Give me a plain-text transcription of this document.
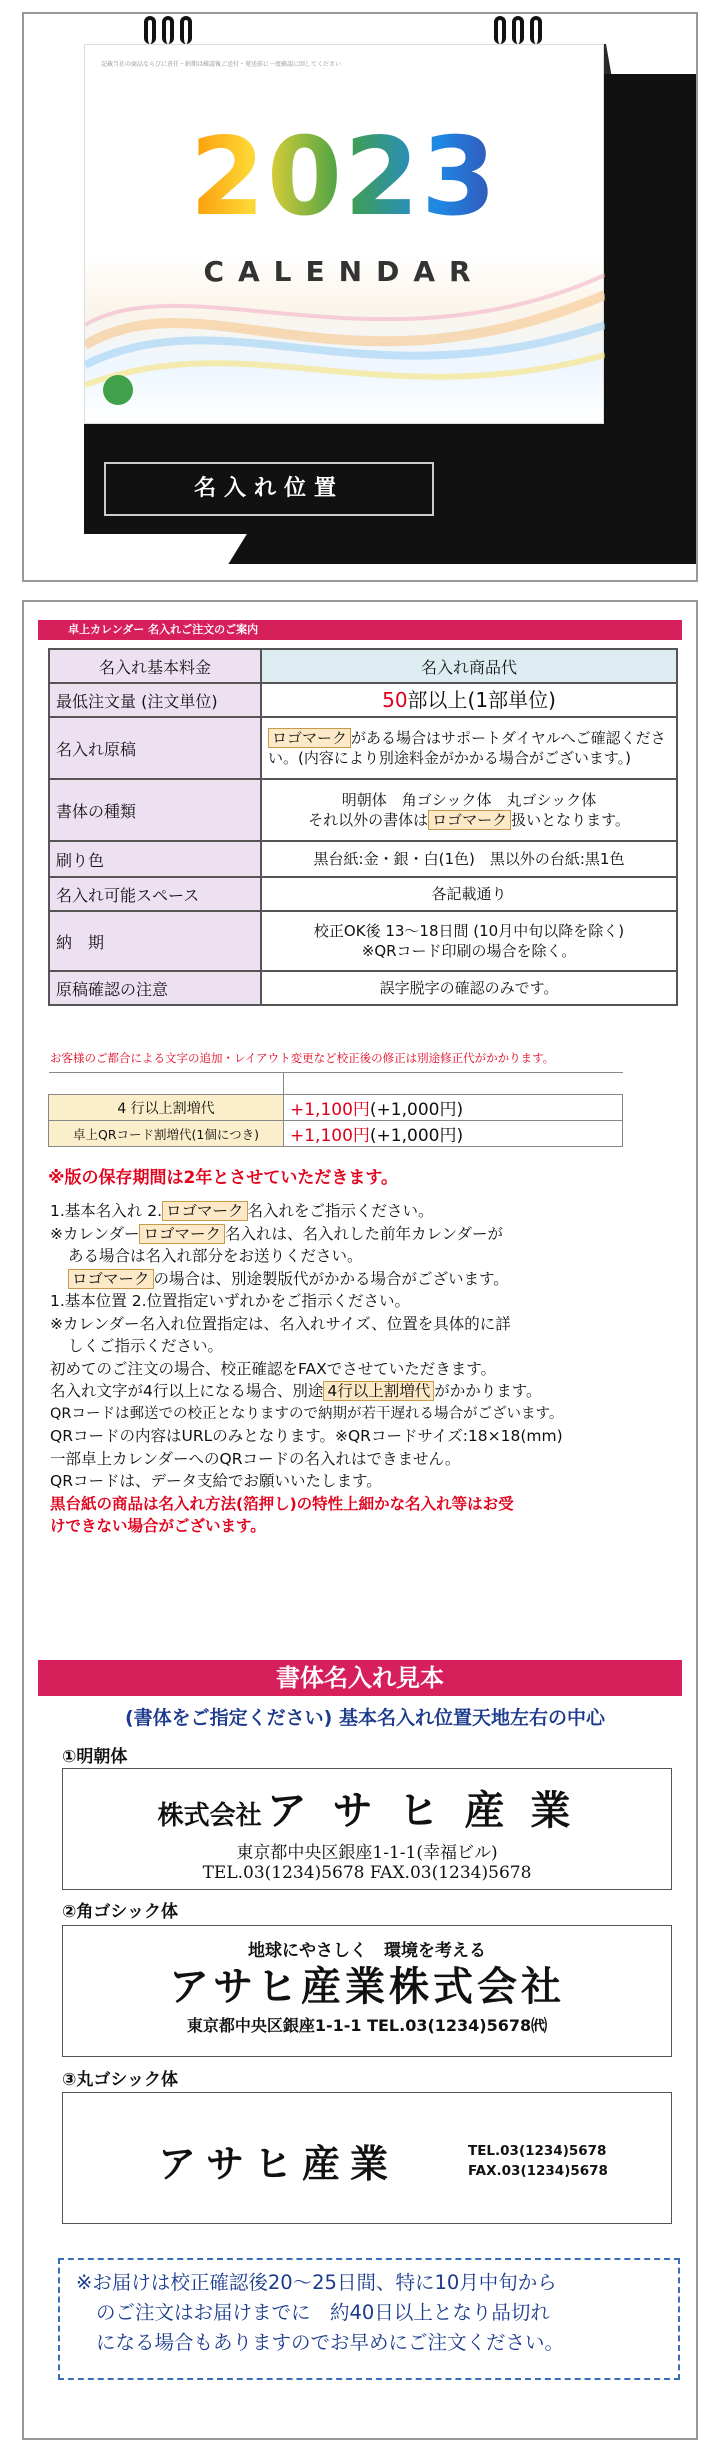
記載当社の商品ならびに責任・納期は確認後ご送付・発送前に一度確認に回してください
2023
CALENDAR
名入れ位置
卓上カレンダー 名入れご注文のご案内
名入れ基本料金	名入れ商品代
最低注文量 (注文単位)	50部以上(1部単位)
名入れ原稿	ロゴマーク がある場合はサポートダイヤルへご確認くださ
い。(内容により別途料金がかかる場合がございます。)
書体の種類	明朝体　角ゴシック体　丸ゴシック体
それ以外の書体は ロゴマーク 扱いとなります。
刷り色	黒台紙:金・銀・白(1色)　黒以外の台紙:黒1色
名入れ可能スペース	各記載通り
納　期	校正OK後 13～18日間 (10月中旬以降を除く)
※QRコード印刷の場合を除く。
原稿確認の注意	誤字脱字の確認のみです。
お客様のご都合による文字の追加・レイアウト変更など校正後の修正は別途修正代がかかります。

4 行以上割増代	+1,100円(+1,000円)
卓上QRコード割増代(1個につき)	+1,100円(+1,000円)
※版の保存期間は2年とさせていただきます。

1.基本名入れ 2. ロゴマーク 名入れをご指示ください。

※カレンダー ロゴマーク 名入れは、名入れした前年カレンダーが

ある場合は名入れ部分をお送りください。

ロゴマーク の場合は、別途製版代がかかる場合がございます。

1.基本位置 2.位置指定いずれかをご指示ください。

※カレンダー名入れ位置指定は、名入れサイズ、位置を具体的に詳

しくご指示ください。

初めてのご注文の場合、校正確認をFAXでさせていただきます。

名入れ文字が4行以上になる場合、別途 4行以上割増代 がかかります。

QRコードは郵送での校正となりますので納期が若干遅れる場合がございます。

QRコードの内容はURLのみとなります。※QRコードサイズ:18×18(mm)

一部卓上カレンダーへのQRコードの名入れはできません。

QRコードは、データ支給でお願いいたします。

黒台紙の商品は名入れ方法(箔押し)の特性上細かな名入れ等はお受

けできない場合がございます。

書体名入れ見本
(書体をご指定ください) 基本名入れ位置天地左右の中心
①明朝体
株式会社 ア サ ヒ 産 業
東京都中央区銀座1-1-1(幸福ビル)
TEL.03(1234)5678 FAX.03(1234)5678
②角ゴシック体
地球にやさしく　環境を考える
アサヒ産業株式会社
東京都中央区銀座1-1-1 TEL.03(1234)5678㈹
③丸ゴシック体
アサヒ産業	TEL.03(1234)5678
FAX.03(1234)5678

※お届けは校正確認後20～25日間、特に10月中旬から

のご注文はお届けまでに　約40日以上となり品切れ

になる場合もありますのでお早めにご注文ください。
